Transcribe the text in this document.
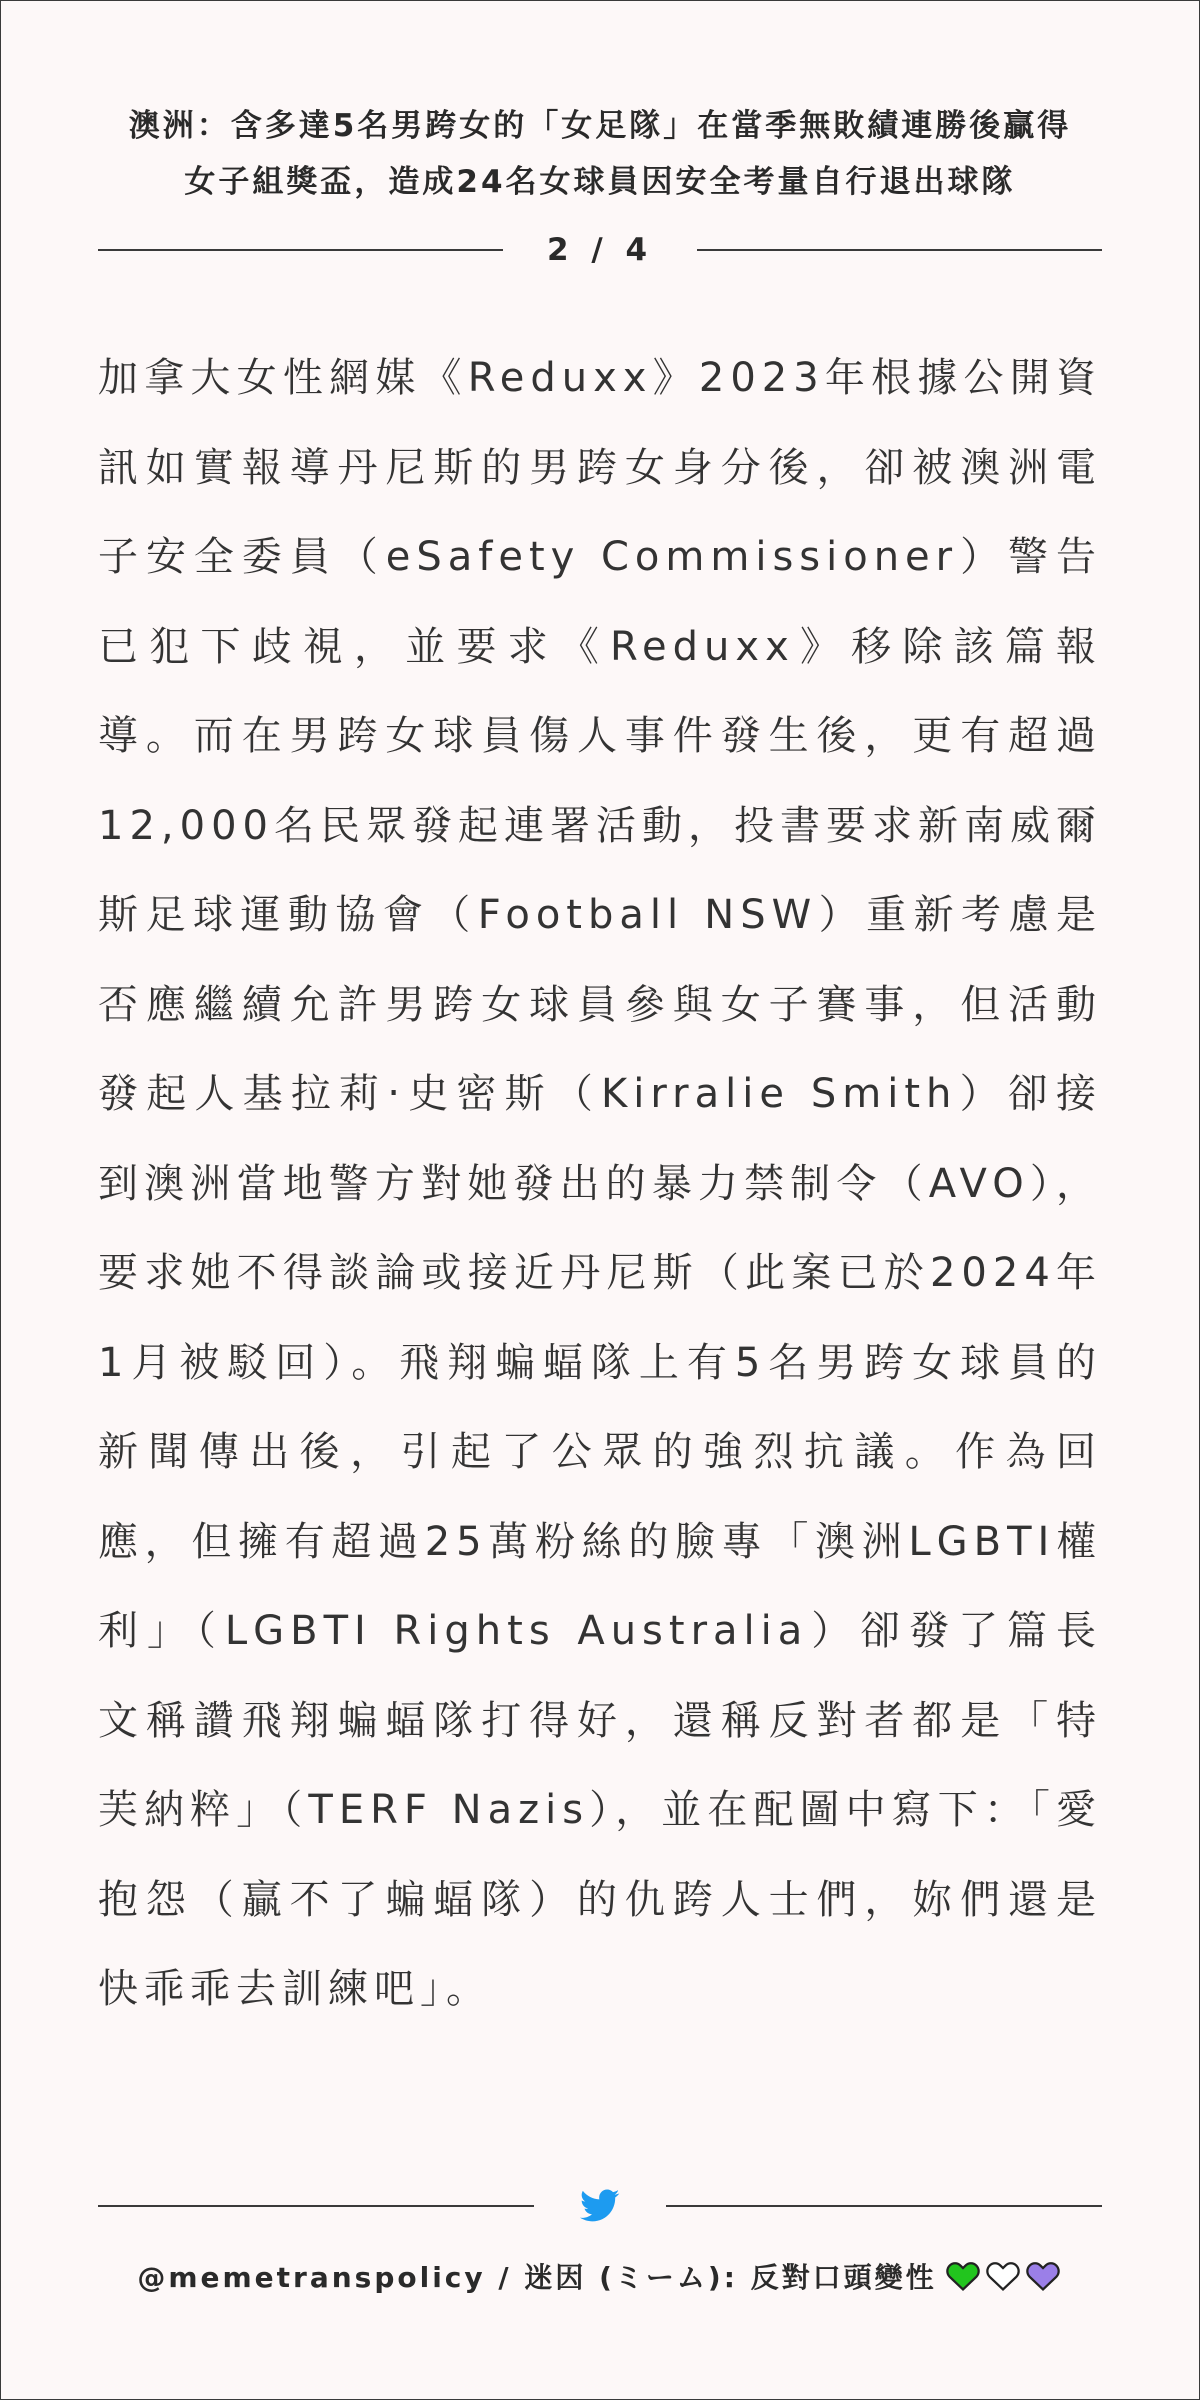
澳洲：含多達5名男跨女的「女足隊」在當季無敗績連勝後贏得
女子組獎盃，造成24名女球員因安全考量自行退出球隊
2 / 4

加拿大女性網媒《Reduxx》2023年根據公開資訊如實報導丹尼斯的男跨女身分後，卻被澳洲電子安全委員（eSafety Commissioner）警告已犯下歧視，並要求《Reduxx》移除該篇報導。而在男跨女球員傷人事件發生後，更有超過12,000名民眾發起連署活動，投書要求新南威爾斯足球運動協會（Football NSW）重新考慮是否應繼續允許男跨女球員參與女子賽事，但活動發起人基拉莉‧史密斯（Kirralie Smith）卻接到澳洲當地警方對她發出的暴力禁制令（AVO），要求她不得談論或接近丹尼斯（此案已於2024年1月被駁回）。飛翔蝙蝠隊上有5名男跨女球員的新聞傳出後，引起了公眾的強烈抗議。作為回應，但擁有超過25萬粉絲的臉專「澳洲LGBTI權利」（LGBTI Rights Australia）卻發了篇長文稱讚飛翔蝙蝠隊打得好，還稱反對者都是「特芙納粹」（TERF Nazis），並在配圖中寫下：「愛抱怨（贏不了蝙蝠隊）的仇跨人士們，妳們還是快乖乖去訓練吧」。

@memetranspolicy / 迷因 (ミーム): 反對口頭變性
